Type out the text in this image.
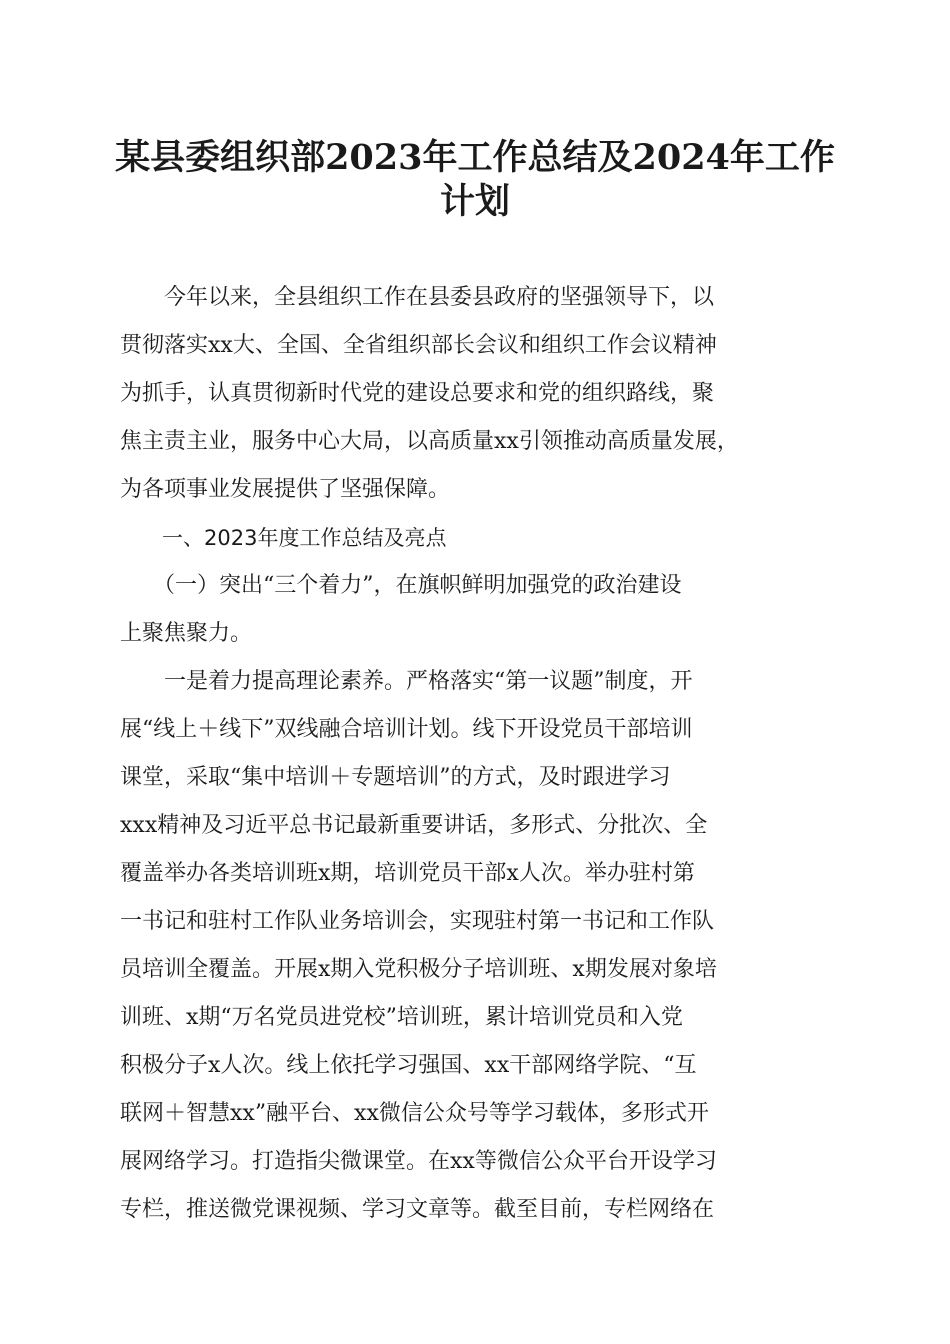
某县委组织部2023年工作总结及2024年工作
计划
　　今年以来，全县组织工作在县委县政府的坚强领导下，以
贯彻落实xx大、全国、全省组织部长会议和组织工作会议精神
为抓手，认真贯彻新时代党的建设总要求和党的组织路线，聚
焦主责主业，服务中心大局，以高质量xx引领推动高质量发展，
为各项事业发展提供了坚强保障。
　　一、2023年度工作总结及亮点
　　（一）突出“三个着力”，在旗帜鲜明加强党的政治建设
上聚焦聚力。
　　一是着力提高理论素养。严格落实“第一议题”制度，开
展“线上＋线下”双线融合培训计划。线下开设党员干部培训
课堂，采取“集中培训＋专题培训”的方式，及时跟进学习
xxx精神及习近平总书记最新重要讲话，多形式、分批次、全
覆盖举办各类培训班x期，培训党员干部x人次。举办驻村第
一书记和驻村工作队业务培训会，实现驻村第一书记和工作队
员培训全覆盖。开展x期入党积极分子培训班、x期发展对象培
训班、x期“万名党员进党校”培训班，累计培训党员和入党
积极分子x人次。线上依托学习强国、xx干部网络学院、“互
联网＋智慧xx”融平台、xx微信公众号等学习载体，多形式开
展网络学习。打造指尖微课堂。在xx等微信公众平台开设学习
专栏，推送微党课视频、学习文章等。截至目前，专栏网络在
